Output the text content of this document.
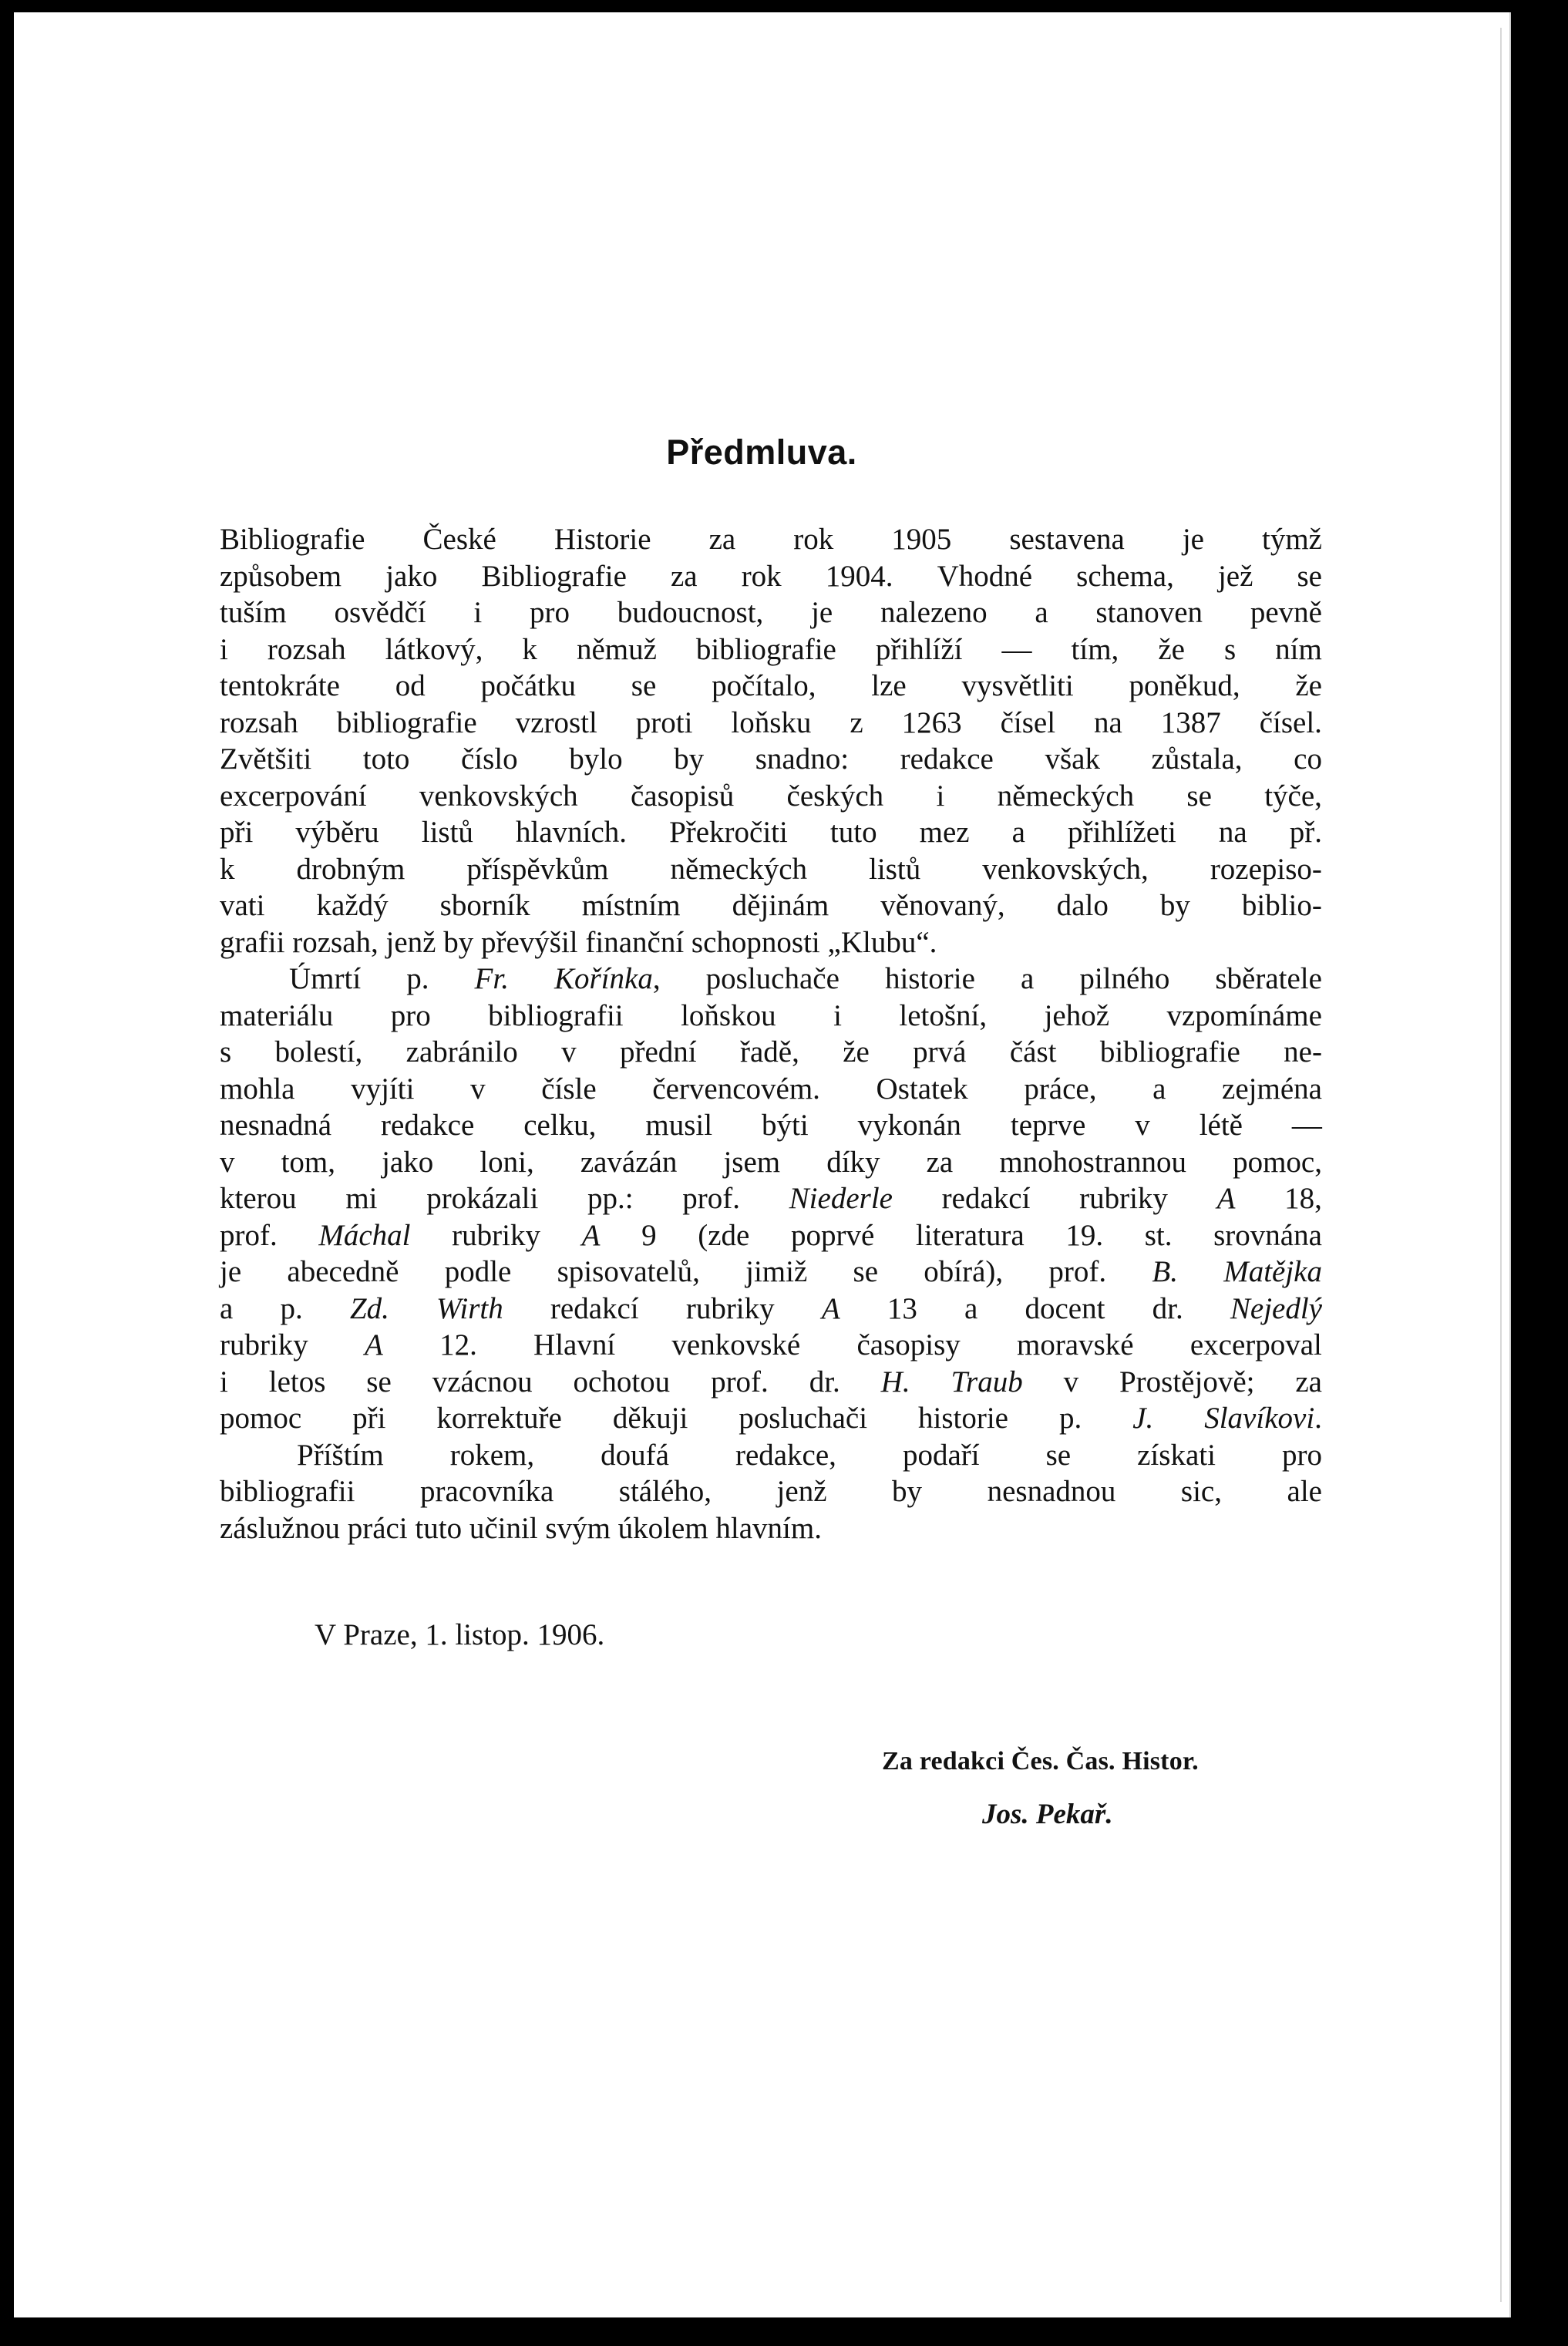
Předmluva.
Bibliografie České Historie za rok 1905 sestavena je týmž
způsobem jako Bibliografie za rok 1904. Vhodné schema, jež se
tuším osvědčí i pro budoucnost, je nalezeno a stanoven pevně
i rozsah látkový, k němuž bibliografie přihlíží — tím, že s ním
tentokráte od počátku se počítalo, lze vysvětliti poněkud, že
rozsah bibliografie vzrostl proti loňsku z 1263 čísel na 1387 čísel.
Zvětšiti toto číslo bylo by snadno: redakce však zůstala, co
excerpování venkovských časopisů českých i německých se týče,
při výběru listů hlavních. Překročiti tuto mez a přihlížeti na př.
k drobným příspěvkům německých listů venkovských, rozepiso-
vati každý sborník místním dějinám věnovaný, dalo by biblio-
grafii
rozsah,
jenž
by
převýšil
finanční
schopnosti
„Klubu“.
Úmrtí p. Fr. Kořínka, posluchače historie a pilného sběratele
materiálu pro bibliografii loňskou i letošní, jehož vzpomínáme
s bolestí, zabránilo v přední řadě, že prvá část bibliografie ne-
mohla vyjíti v čísle červencovém. Ostatek práce, a zejména
nesnadná redakce celku, musil býti vykonán teprve v létě —
v tom, jako loni, zavázán jsem díky za mnohostrannou pomoc,
kterou mi prokázali pp.: prof. Niederle redakcí rubriky A 18,
prof. Máchal rubriky A 9 (zde poprvé literatura 19. st. srovnána
je abecedně podle spisovatelů, jimiž se obírá), prof. B. Matějka
a p. Zd. Wirth redakcí rubriky A 13 a docent dr. Nejedlý
rubriky A 12. Hlavní venkovské časopisy moravské excerpoval
i letos se vzácnou ochotou prof. dr. H. Traub v Prostějově; za
pomoc při korrektuře děkuji posluchači historie p. J. Slavíkovi.
Příštím rokem, doufá redakce, podaří se získati pro
bibliografii pracovníka stálého, jenž by nesnadnou sic, ale
záslužnou
práci
tuto
učinil
svým
úkolem
hlavním.
V Praze, 1. listop. 1906.
Za redakci Čes. Čas. Histor.
Jos. Pekař.
